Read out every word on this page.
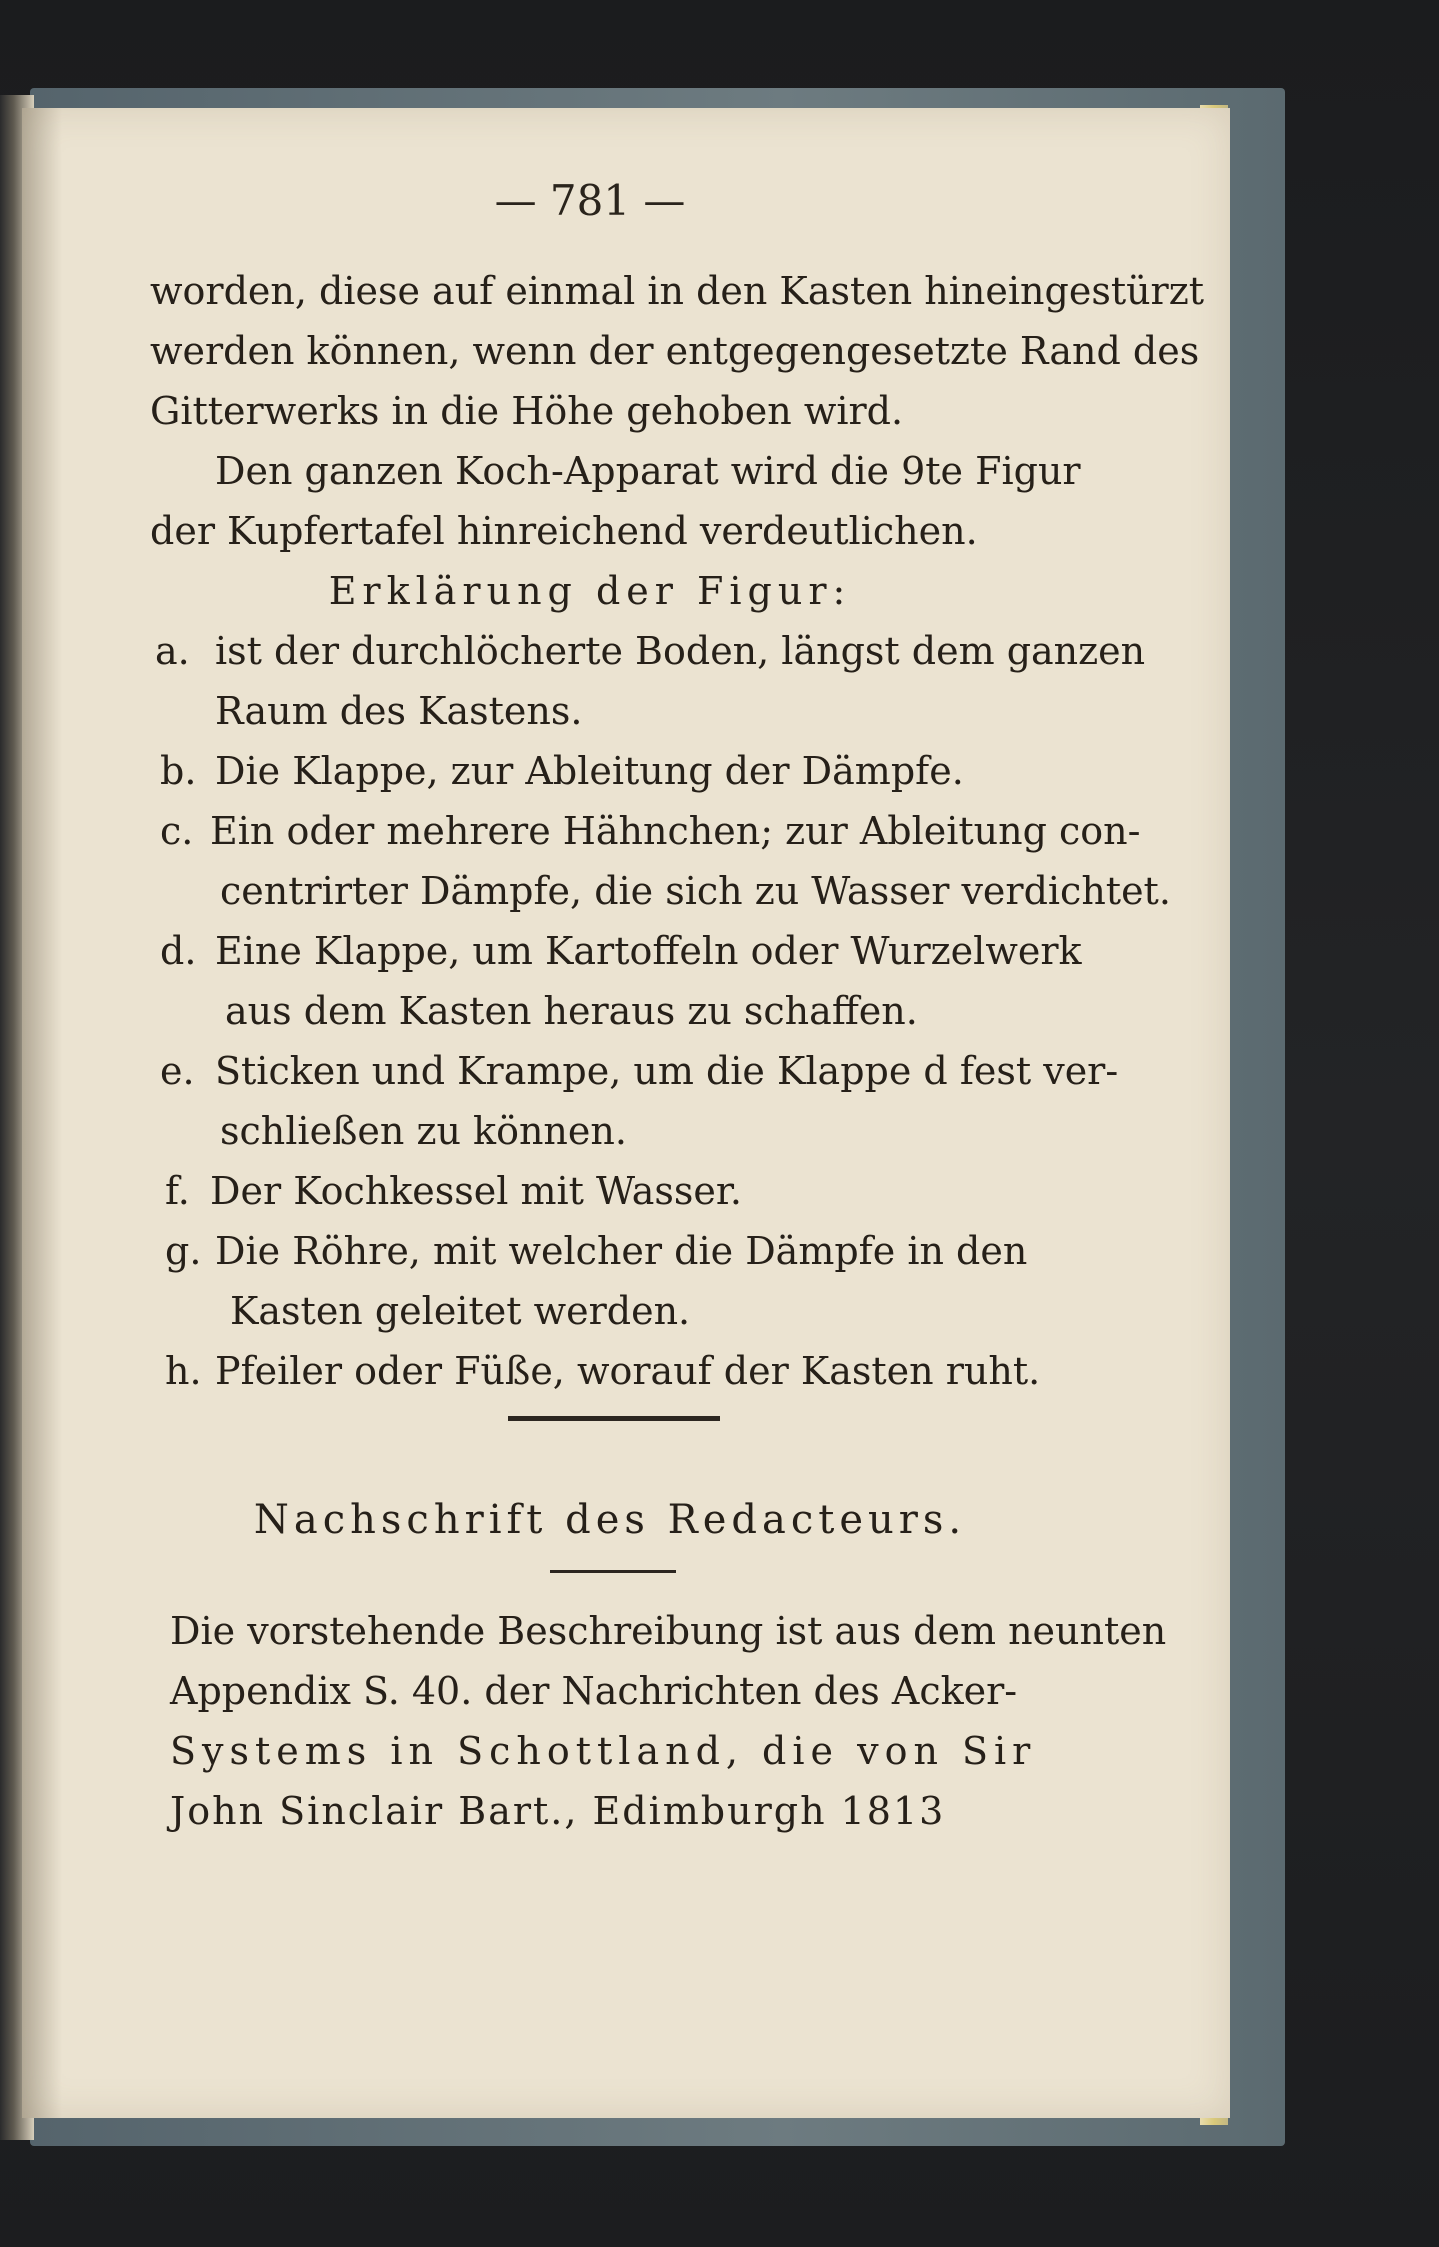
— 781 —
worden, diese auf einmal in den Kasten hineingestürzt
werden können, wenn der entgegengesetzte Rand des
Gitterwerks in die Höhe gehoben wird.
Den ganzen Koch-Apparat wird die 9te Figur
der Kupfertafel hinreichend verdeutlichen.
Erklärung der Figur:
a. ist der durchlöcherte Boden, längst dem ganzen
Raum des Kastens.
b. Die Klappe, zur Ableitung der Dämpfe.
c. Ein oder mehrere Hähnchen; zur Ableitung con-
centrirter Dämpfe, die sich zu Wasser verdichtet.
d. Eine Klappe, um Kartoffeln oder Wurzelwerk
aus dem Kasten heraus zu schaffen.
e. Sticken und Krampe, um die Klappe d fest ver-
schließen zu können.
f. Der Kochkessel mit Wasser.
g. Die Röhre, mit welcher die Dämpfe in den
Kasten geleitet werden.
h. Pfeiler oder Füße, worauf der Kasten ruht.
Nachschrift des Redacteurs.
Die vorstehende Beschreibung ist aus dem neunten
Appendix S. 40. der Nachrichten des Acker-
Systems in Schottland, die von Sir
John Sinclair Bart., Edimburgh 1813
